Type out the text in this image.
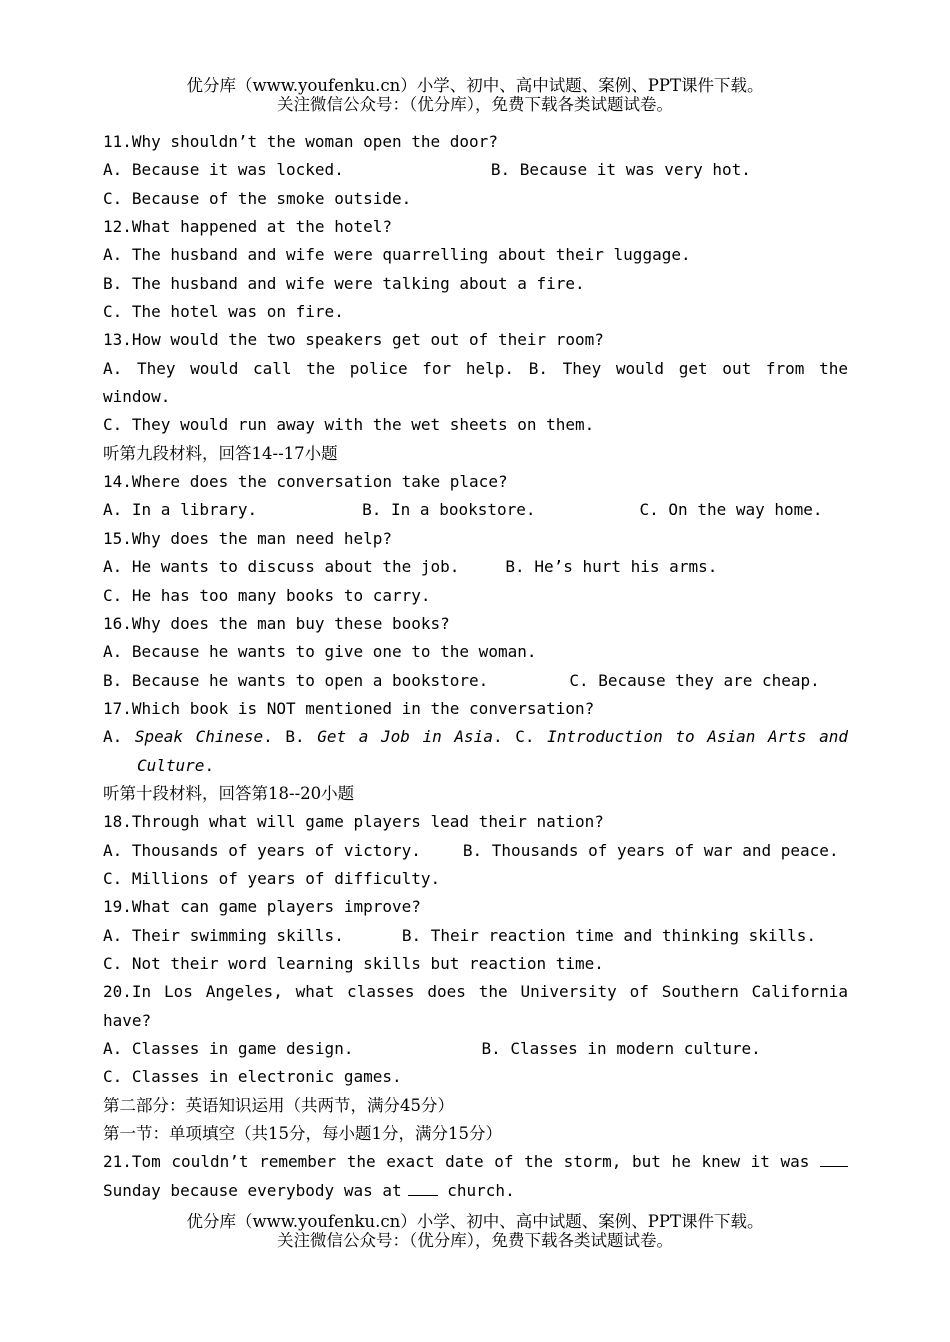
优分库（www.youfenku.cn）小学、初中、高中试题、案例、PPT课件下载。
关注微信公众号：（优分库），免费下载各类试题试卷。
11.Why shouldn’t the woman open the door?
A. Because it was locked.	B. Because it was very hot.
C. Because of the smoke outside.
12.What happened at the hotel?
A. The husband and wife were quarrelling about their luggage.
B. The husband and wife were talking about a fire.
C. The hotel was on fire.
13.How would the two speakers get out of their room?
A. They would call the police for help. B. They would get out from the
window.
C. They would run away with the wet sheets on them.
听第九段材料，回答14--17小题
14.Where does the conversation take place?
A. In a library.	B. In a bookstore.	C. On the way home.
15.Why does the man need help?
A. He wants to discuss about the job.	B. He’s hurt his arms.
C. He has too many books to carry.
16.Why does the man buy these books?
A. Because he wants to give one to the woman.
B. Because he wants to open a bookstore.	C. Because they are cheap.
17.Which book is NOT mentioned in the conversation?
A. Speak Chinese. B. Get a Job in Asia. C. Introduction to Asian Arts and
Culture.
听第十段材料，回答第18--20小题
18.Through what will game players lead their nation?
A. Thousands of years of victory.	B. Thousands of years of war and peace.
C. Millions of years of difficulty.
19.What can game players improve?
A. Their swimming skills.	B. Their reaction time and thinking skills.
C. Not their word learning skills but reaction time.
20.In Los Angeles, what classes does the University of Southern California
have?
A. Classes in game design.	B. Classes in modern culture.
C. Classes in electronic games.
第二部分：英语知识运用（共两节，满分45分）
第一节：单项填空（共15分，每小题1分，满分15分）
21.Tom couldn’t remember the exact date of the storm, but he knew it was
Sunday because everybody was at	church.
优分库（www.youfenku.cn）小学、初中、高中试题、案例、PPT课件下载。
关注微信公众号：（优分库），免费下载各类试题试卷。
